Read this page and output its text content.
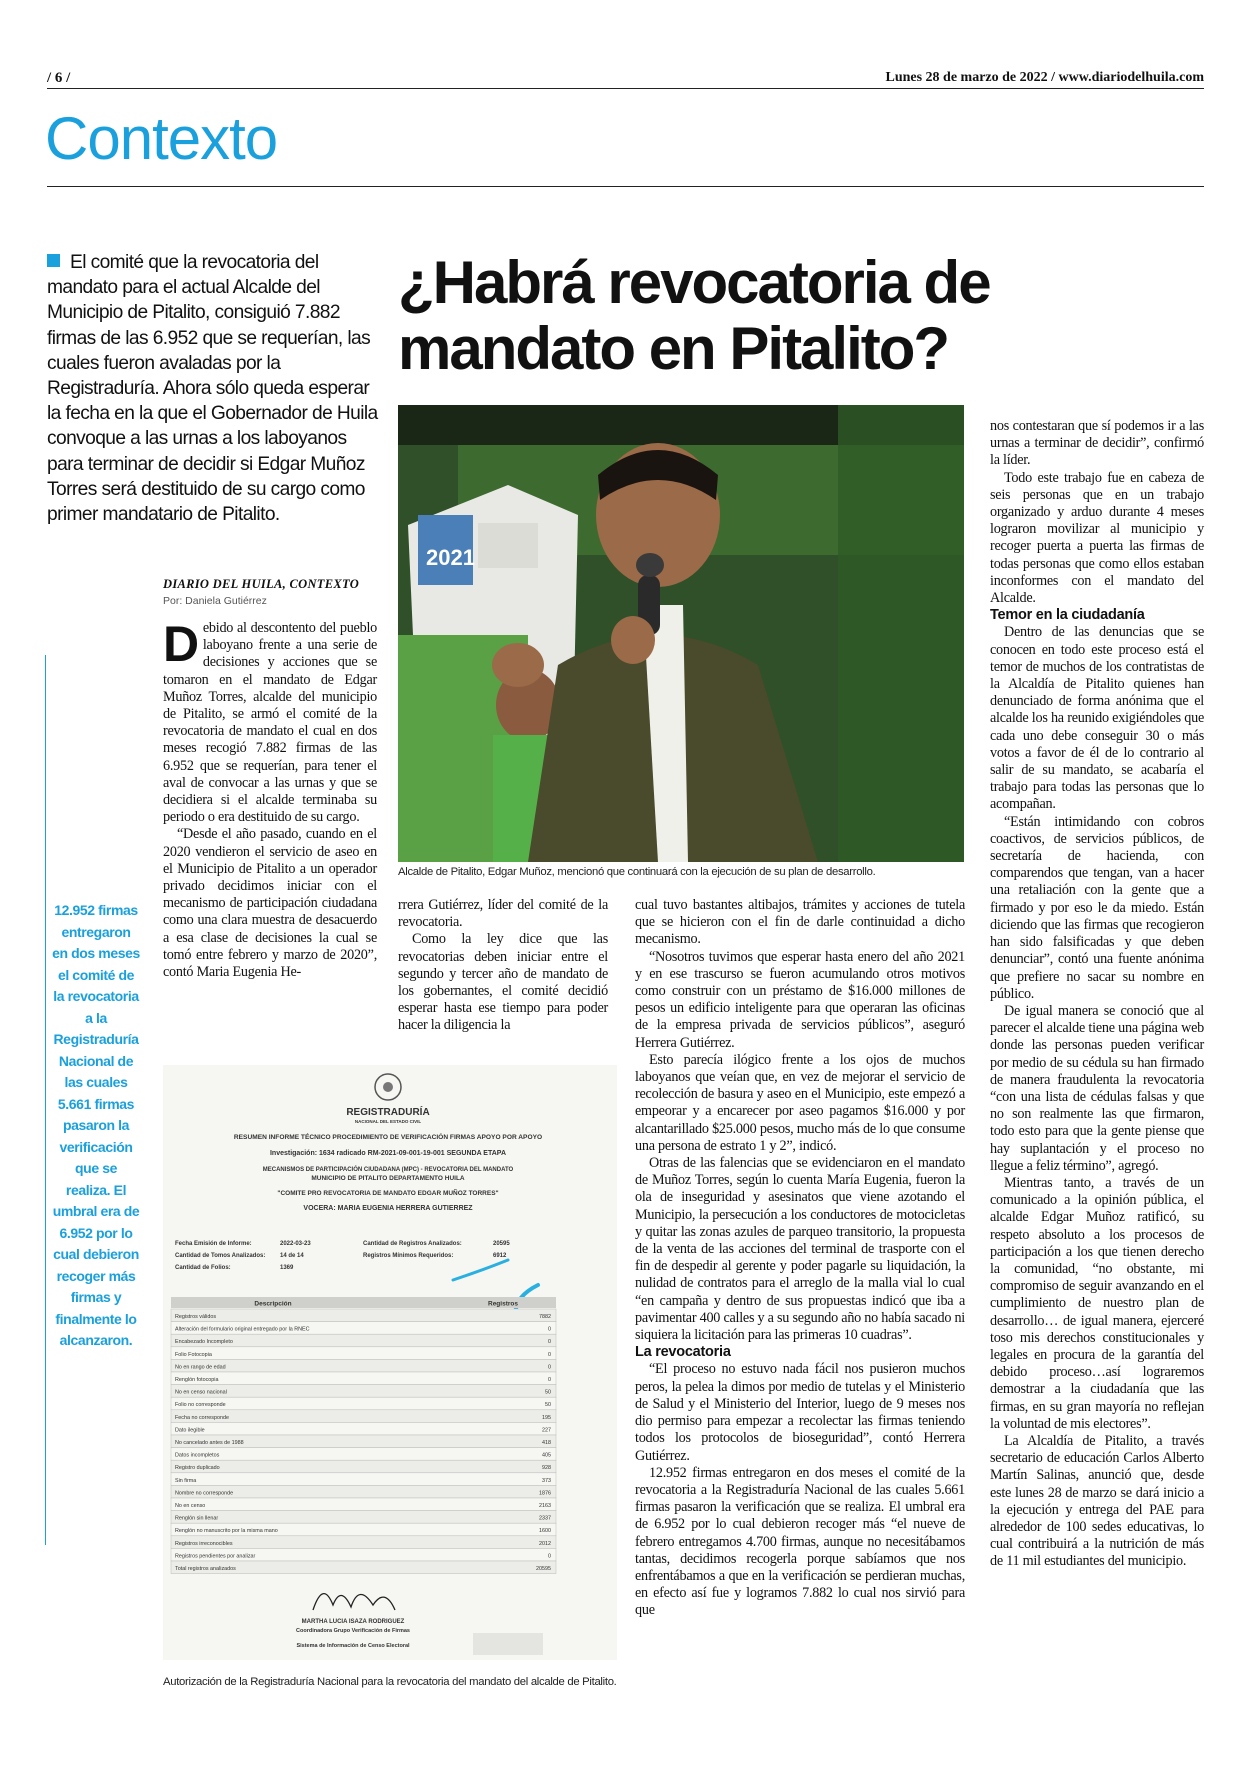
/ 6 /	Lunes 28 de marzo de 2022 / www.diariodelhuila.com
Contexto
El comité que la revocatoria del mandato para el actual Alcalde del Municipio de Pitalito, consiguió 7.882 firmas de las 6.952 que se requerían, las cuales fueron avaladas por la Registraduría. Ahora sólo queda esperar la fecha en la que el Gobernador de Huila convoque a las urnas a los laboyanos para terminar de decidir si Edgar Muñoz Torres será destituido de su cargo como primer mandatario de Pitalito.
¿Habrá revocatoria de mandato en Pitalito?
2021
Alcalde de Pitalito, Edgar Muñoz, mencionó que continuará con la ejecución de su plan de desarrollo.
DIARIO DEL HUILA, CONTEXTO
Por: Daniela Gutiérrez
12.952 firmas entregaron en dos meses el comité de la revocatoria a la Registraduría Nacional de las cuales 5.661 firmas pasaron la verificación que se realiza. El umbral era de 6.952 por lo cual debieron recoger más firmas y finalmente lo alcanzaron.

Debido al descontento del pueblo laboyano frente a una serie de decisiones y acciones que se tomaron en el mandato de Edgar Muñoz Torres, alcalde del municipio de Pitalito, se armó el comité de la revocatoria de mandato el cual en dos meses recogió 7.882 firmas de las 6.952 que se requerían, para tener el aval de convocar a las urnas y que se decidiera si el alcalde terminaba su periodo o era destituido de su cargo.

“Desde el año pasado, cuando en el 2020 vendieron el servicio de aseo en el Municipio de Pitalito a un operador privado decidimos iniciar con el mecanismo de participación ciudadana como una clara muestra de desacuerdo a esa clase de decisiones la cual se tomó entre febrero y marzo de 2020”, contó Maria Eugenia He-

rrera Gutiérrez, líder del comité de la revocatoria.

Como la ley dice que las revocatorias deben iniciar entre el segundo y tercer año de mandato de los gobernantes, el comité decidió esperar hasta ese tiempo para poder hacer la diligencia la

REGISTRADURÍA
NACIONAL DEL ESTADO CIVIL
RESUMEN INFORME TÉCNICO PROCEDIMIENTO DE VERIFICACIÓN FIRMAS APOYO POR APOYO
Investigación: 1634 radicado RM-2021-09-001-19-001 SEGUNDA ETAPA
MECANISMOS DE PARTICIPACIÓN CIUDADANA (MPC) - REVOCATORIA DEL MANDATO
MUNICIPIO DE PITALITO DEPARTAMENTO HUILA
"COMITE PRO REVOCATORIA DE MANDATO EDGAR MUÑOZ TORRES"
VOCERA: MARIA EUGENIA HERRERA GUTIERREZ
Fecha Emisión de Informe:	2022-03-23
Cantidad de Tomos Analizados: 14 de 14
Cantidad de Folios:	1369
Cantidad de Registros Analizados:	20595
Registros Mínimos Requeridos:	6912
Descripción	Registros
Registros válidos	7882
Alteración del formulario original entregado por la RNEC	0
Encabezado Incompleto	0
Folio Fotocopia	0
No en rango de edad	0
Renglón fotocopia	0
No en censo nacional	50
Folio no corresponde	50
Fecha no corresponde	195
Dato ilegible	227
No cancelado antes de 1988	418
Datos incompletos	405
Registro duplicado	928
Sin firma	373
Nombre no corresponde	1876
No en censo	2163
Renglón sin llenar	2337
Renglón no manuscrito por la misma mano	1600
Registros irreconocibles	2012
Registros pendientes por analizar	0
Total registros analizados	20595
MARTHA LUCIA ISAZA RODRIGUEZ
Coordinadora Grupo Verificación de Firmas
Sistema de Información de Censo Electoral
Autorización de la Registraduría Nacional para la revocatoria del mandato del alcalde de Pitalito.

cual tuvo bastantes altibajos, trámites y acciones de tutela que se hicieron con el fin de darle continuidad a dicho mecanismo.

“Nosotros tuvimos que esperar hasta enero del año 2021 y en ese trascurso se fueron acumulando otros motivos como construir con un préstamo de $16.000 millones de pesos un edificio inteligente para que operaran las oficinas de la empresa privada de servicios públicos”, aseguró Herrera Gutiérrez.

Esto parecía ilógico frente a los ojos de muchos laboyanos que veían que, en vez de mejorar el servicio de recolección de basura y aseo en el Municipio, este empezó a empeorar y a encarecer por aseo pagamos $16.000 y por alcantarillado $25.000 pesos, mucho más de lo que consume una persona de estrato 1 y 2”, indicó.

Otras de las falencias que se evidenciaron en el mandato de Muñoz Torres, según lo cuenta María Eugenia, fueron la ola de inseguridad y asesinatos que viene azotando el Municipio, la persecución a los conductores de motocicletas y quitar las zonas azules de parqueo transitorio, la propuesta de la venta de las acciones del terminal de trasporte con el fin de despedir al gerente y poder pagarle su liquidación, la nulidad de contratos para el arreglo de la malla vial lo cual “en campaña y dentro de sus propuestas indicó que iba a pavimentar 400 calles y a su segundo año no había sacado ni siquiera la licitación para las primeras 10 cuadras”.

La revocatoria

“El proceso no estuvo nada fácil nos pusieron muchos peros, la pelea la dimos por medio de tutelas y el Ministerio de Salud y el Ministerio del Interior, luego de 9 meses nos dio permiso para empezar a recolectar las firmas teniendo todos los protocolos de bioseguridad”, contó Herrera Gutiérrez.

12.952 firmas entregaron en dos meses el comité de la revocatoria a la Registraduría Nacional de las cuales 5.661 firmas pasaron la verificación que se realiza. El umbral era de 6.952 por lo cual debieron recoger más “el nueve de febrero entregamos 4.700 firmas, aunque no necesitábamos tantas, decidimos recogerla porque sabíamos que nos enfrentábamos a que en la verificación se perdieran muchas, en efecto así fue y logramos 7.882 lo cual nos sirvió para que

nos contestaran que sí podemos ir a las urnas a terminar de decidir”, confirmó la líder.

Todo este trabajo fue en cabeza de seis personas que en un trabajo organizado y arduo durante 4 meses lograron movilizar al municipio y recoger puerta a puerta las firmas de todas personas que como ellos estaban inconformes con el mandato del Alcalde.

Temor en la ciudadanía

Dentro de las denuncias que se conocen en todo este proceso está el temor de muchos de los contratistas de la Alcaldía de Pitalito quienes han denunciado de forma anónima que el alcalde los ha reunido exigiéndoles que cada uno debe conseguir 30 o más votos a favor de él de lo contrario al salir de su mandato, se acabaría el trabajo para todas las personas que lo acompañan.

“Están intimidando con cobros coactivos, de servicios públicos, de secretaría de hacienda, con comparendos que tengan, van a hacer una retaliación con la gente que a firmado y por eso le da miedo. Están diciendo que las firmas que recogieron han sido falsificadas y que deben denunciar”, contó una fuente anónima que prefiere no sacar su nombre en público.

De igual manera se conoció que al parecer el alcalde tiene una página web donde las personas pueden verificar por medio de su cédula su han firmado de manera fraudulenta la revocatoria “con una lista de cédulas falsas y que no son realmente las que firmaron, todo esto para que la gente piense que hay suplantación y el proceso no llegue a feliz término”, agregó.

Mientras tanto, a través de un comunicado a la opinión pública, el alcalde Edgar Muñoz ratificó, su respeto absoluto a los procesos de participación a los que tienen derecho la comunidad, “no obstante, mi compromiso de seguir avanzando en el cumplimiento de nuestro plan de desarrollo… de igual manera, ejerceré toso mis derechos constitucionales y legales en procura de la garantía del debido proceso…así lograremos demostrar a la ciudadanía que las firmas, en su gran mayoría no reflejan la voluntad de mis electores”.

La Alcaldía de Pitalito, a través secretario de educación Carlos Alberto Martín Salinas, anunció que, desde este lunes 28 de marzo se dará inicio a la ejecución y entrega del PAE para alrededor de 100 sedes educativas, lo cual contribuirá a la nutrición de más de 11 mil estudiantes del municipio.
